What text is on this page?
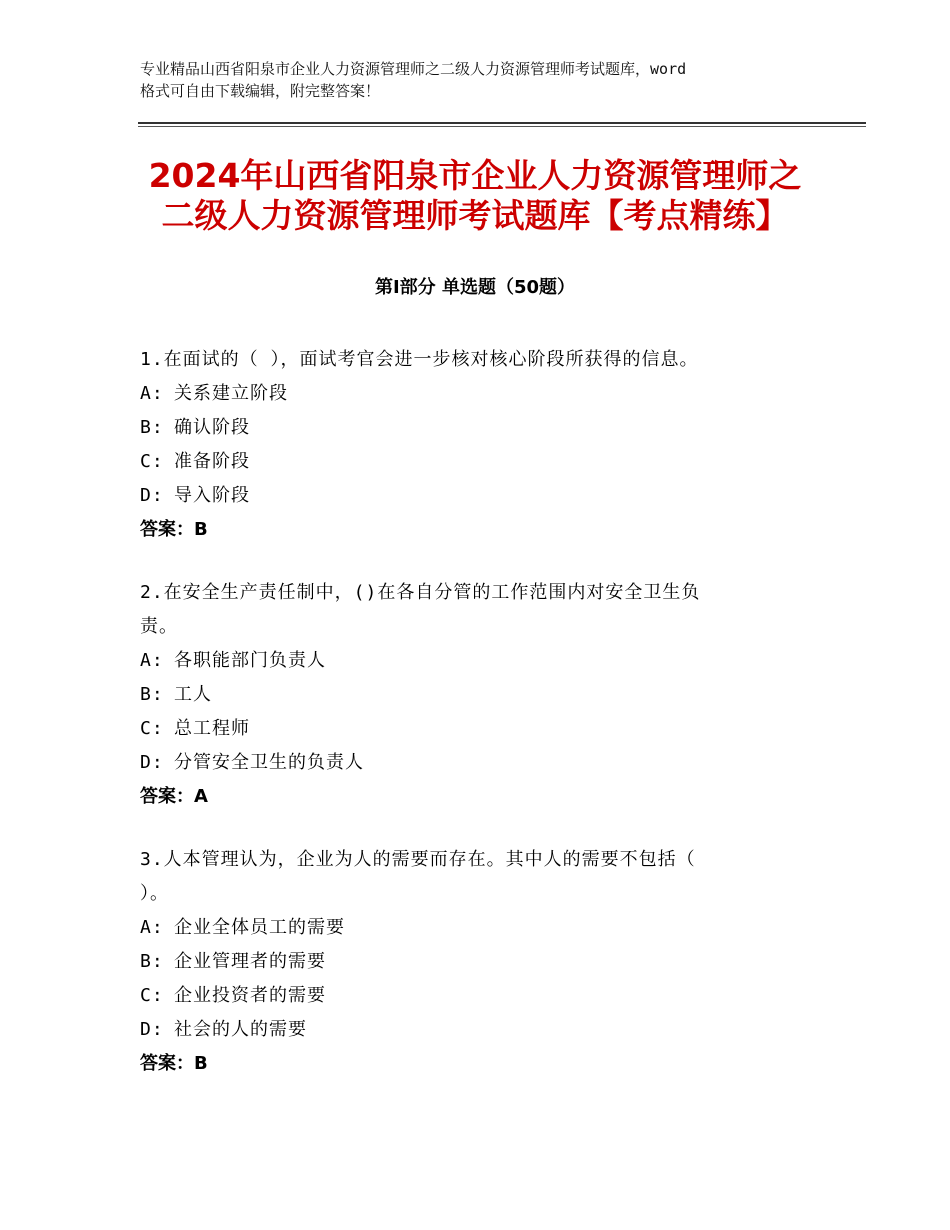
专业精品山西省阳泉市企业人力资源管理师之二级人力资源管理师考试题库，word
格式可自由下载编辑，附完整答案！
2024年山西省阳泉市企业人力资源管理师之
二级人力资源管理师考试题库【考点精练】
第Ⅰ部分 单选题（50题）
1.在面试的（ ），面试考官会进一步核对核心阶段所获得的信息。
A: 关系建立阶段
B: 确认阶段
C: 准备阶段
D: 导入阶段
答案：B
2.在安全生产责任制中，()在各自分管的工作范围内对安全卫生负
责。
A: 各职能部门负责人
B: 工人
C: 总工程师
D: 分管安全卫生的负责人
答案：A
3.人本管理认为，企业为人的需要而存在。其中人的需要不包括（
）。
A: 企业全体员工的需要
B: 企业管理者的需要
C: 企业投资者的需要
D: 社会的人的需要
答案：B
